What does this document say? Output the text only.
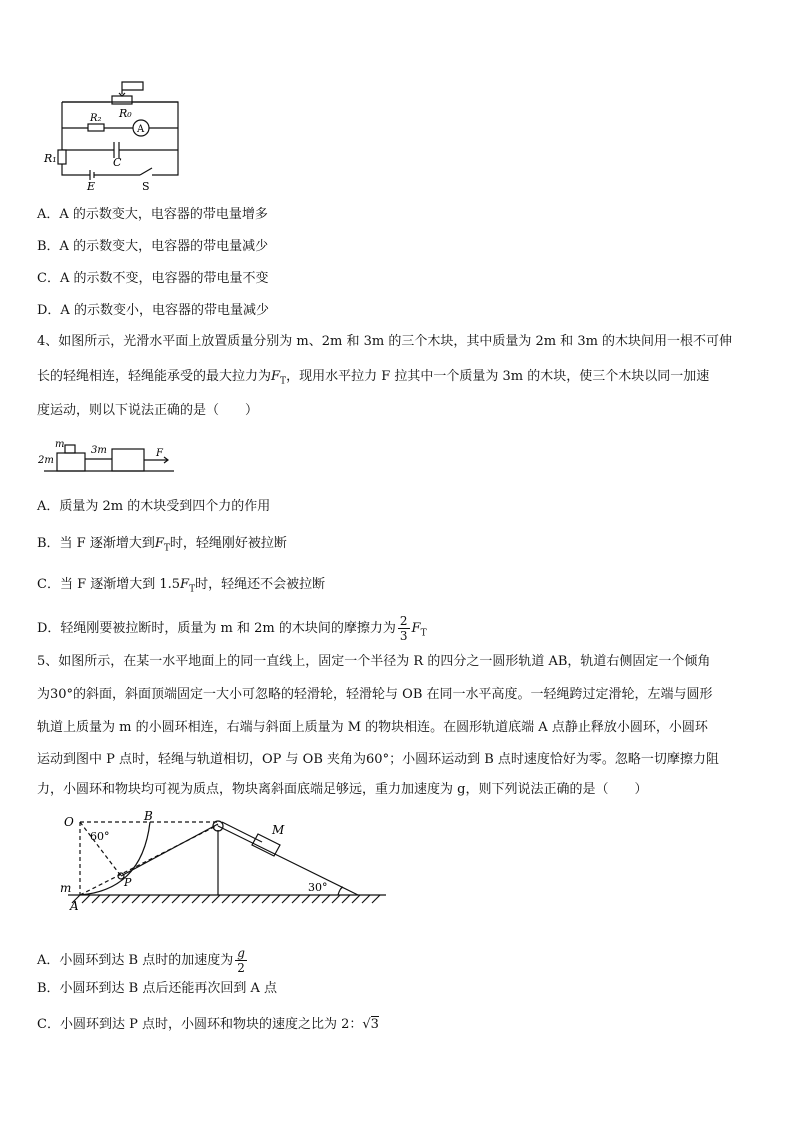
R₀
R₂
A
R₁	C
E	S
A．A 的示数变大，电容器的带电量增多
B．A 的示数变大，电容器的带电量减少
C．A 的示数不变，电容器的带电量不变
D．A 的示数变小，电容器的带电量减少
4、如图所示，光滑水平面上放置质量分别为 m、2m 和 3m 的三个木块，其中质量为 2m 和 3m 的木块间用一根不可伸
长的轻绳相连，轻绳能承受的最大拉力为$F_T$，现用水平拉力 F 拉其中一个质量为 3m 的木块，使三个木块以同一加速
度运动，则以下说法正确的是（　　）
m
2m
3m	F
A．质量为 2m 的木块受到四个力的作用
B．当 F 逐渐增大到$F_T$时，轻绳刚好被拉断
C．当 F 逐渐增大到 $1.5F_T$时，轻绳还不会被拉断
D．轻绳刚要被拉断时，质量为 m 和 2m 的木块间的摩擦力为 $\frac{2}{3} F_T$
5、如图所示，在某一水平地面上的同一直线上，固定一个半径为 R 的四分之一圆形轨道 AB，轨道右侧固定一个倾角
为30°的斜面，斜面顶端固定一大小可忽略的轻滑轮，轻滑轮与 OB 在同一水平高度。一轻绳跨过定滑轮，左端与圆形
轨道上质量为 m 的小圆环相连，右端与斜面上质量为 M 的物块相连。在圆形轨道底端 A 点静止释放小圆环，小圆环
运动到图中 P 点时，轻绳与轨道相切，OP 与 OB 夹角为60°；小圆环运动到 B 点时速度恰好为零。忽略一切摩擦力阻
力，小圆环和物块均可视为质点，物块离斜面底端足够远，重力加速度为 g，则下列说法正确的是（　　）
O
60°
B
M
30°
m
A
P
A．小圆环到达 B 点时的加速度为 $\frac{g}{2}$
B．小圆环到达 B 点后还能再次回到 A 点
C．小圆环到达 P 点时，小圆环和物块的速度之比为 2：√3
